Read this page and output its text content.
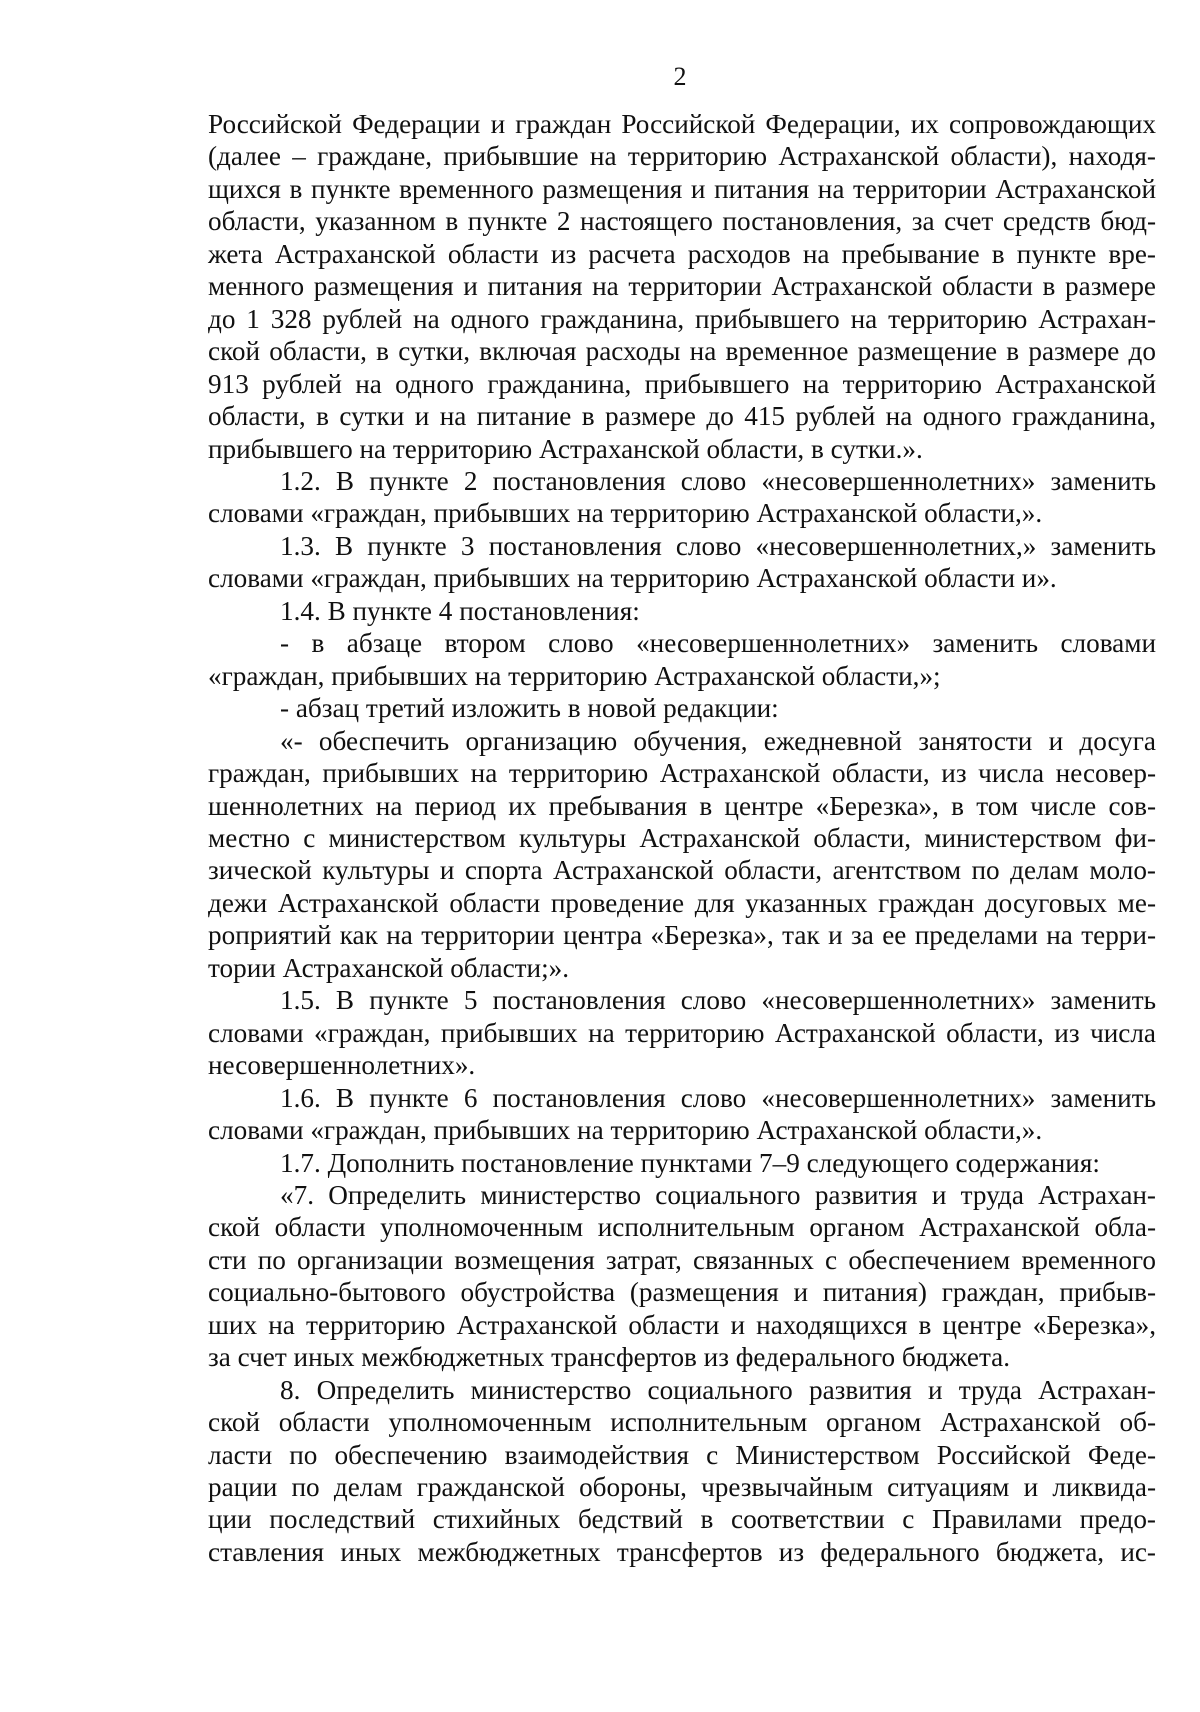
2
Российской Федерации и граждан Российской Федерации, их сопровождающих
(далее – граждане, прибывшие на территорию Астраханской области), находя-
щихся в пункте временного размещения и питания на территории Астраханской
области, указанном в пункте 2 настоящего постановления, за счет средств бюд-
жета Астраханской области из расчета расходов на пребывание в пункте вре-
менного размещения и питания на территории Астраханской области в размере
до 1 328 рублей на одного гражданина, прибывшего на территорию Астрахан-
ской области, в сутки, включая расходы на временное размещение в размере до
913 рублей на одного гражданина, прибывшего на территорию Астраханской
области, в сутки и на питание в размере до 415 рублей на одного гражданина,
прибывшего на территорию Астраханской области, в сутки.».
1.2. В пункте 2 постановления слово «несовершеннолетних» заменить
словами «граждан, прибывших на территорию Астраханской области,».
1.3. В пункте 3 постановления слово «несовершеннолетних,» заменить
словами «граждан, прибывших на территорию Астраханской области и».
1.4. В пункте 4 постановления:
- в абзаце втором слово «несовершеннолетних» заменить словами
«граждан, прибывших на территорию Астраханской области,»;
- абзац третий изложить в новой редакции:
«- обеспечить организацию обучения, ежедневной занятости и досуга
граждан, прибывших на территорию Астраханской области, из числа несовер-
шеннолетних на период их пребывания в центре «Березка», в том числе сов-
местно с министерством культуры Астраханской области, министерством фи-
зической культуры и спорта Астраханской области, агентством по делам моло-
дежи Астраханской области проведение для указанных граждан досуговых ме-
роприятий как на территории центра «Березка», так и за ее пределами на терри-
тории Астраханской области;».
1.5. В пункте 5 постановления слово «несовершеннолетних» заменить
словами «граждан, прибывших на территорию Астраханской области, из числа
несовершеннолетних».
1.6. В пункте 6 постановления слово «несовершеннолетних» заменить
словами «граждан, прибывших на территорию Астраханской области,».
1.7. Дополнить постановление пунктами 7–9 следующего содержания:
«7. Определить министерство социального развития и труда Астрахан-
ской области уполномоченным исполнительным органом Астраханской обла-
сти по организации возмещения затрат, связанных с обеспечением временного
социально-бытового обустройства (размещения и питания) граждан, прибыв-
ших на территорию Астраханской области и находящихся в центре «Березка»,
за счет иных межбюджетных трансфертов из федерального бюджета.
8. Определить министерство социального развития и труда Астрахан-
ской области уполномоченным исполнительным органом Астраханской об-
ласти по обеспечению взаимодействия с Министерством Российской Феде-
рации по делам гражданской обороны, чрезвычайным ситуациям и ликвида-
ции последствий стихийных бедствий в соответствии с Правилами предо-
ставления иных межбюджетных трансфертов из федерального бюджета, ис-
